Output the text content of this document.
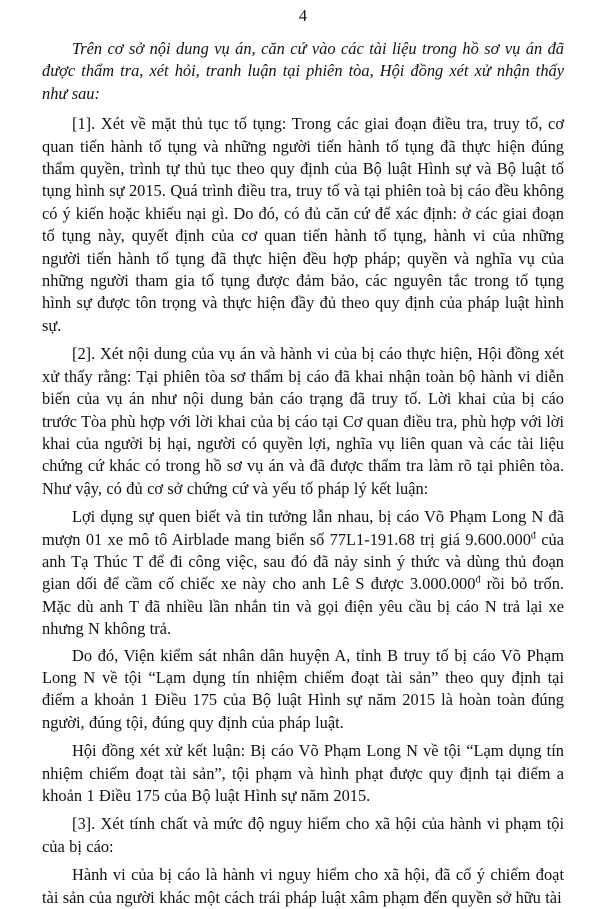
4

Trên cơ sở nội dung vụ án, căn cứ vào các tài liệu trong hồ sơ vụ án đã được thẩm tra, xét hỏi, tranh luận tại phiên tòa, Hội đồng xét xử nhận thấy như sau:

[1]. Xét về mặt thủ tục tố tụng: Trong các giai đoạn điều tra, truy tố, cơ quan tiến hành tố tụng và những người tiến hành tố tụng đã thực hiện đúng thẩm quyền, trình tự thủ tục theo quy định của Bộ luật Hình sự và Bộ luật tố tụng hình sự 2015. Quá trình điều tra, truy tố và tại phiên toà bị cáo đều không có ý kiến hoặc khiếu nại gì. Do đó, có đủ căn cứ để xác định: ở các giai đoạn tố tụng này, quyết định của cơ quan tiến hành tố tụng, hành vi của những người tiến hành tố tụng đã thực hiện đều hợp pháp; quyền và nghĩa vụ của những người tham gia tố tụng được đảm bảo, các nguyên tắc trong tố tụng hình sự được tôn trọng và thực hiện đầy đủ theo quy định của pháp luật hình sự.

[2]. Xét nội dung của vụ án và hành vi của bị cáo thực hiện, Hội đồng xét xử thấy rằng: Tại phiên tòa sơ thẩm bị cáo đã khai nhận toàn bộ hành vi diễn biến của vụ án như nội dung bản cáo trạng đã truy tố. Lời khai của bị cáo trước Tòa phù hợp với lời khai của bị cáo tại Cơ quan điều tra, phù hợp với lời khai của người bị hại, người có quyền lợi, nghĩa vụ liên quan và các tài liệu chứng cứ khác có trong hồ sơ vụ án và đã được thẩm tra làm rõ tại phiên tòa. Như vậy, có đủ cơ sở chứng cứ và yếu tố pháp lý kết luận:

Lợi dụng sự quen biết và tin tưởng lẫn nhau, bị cáo Võ Phạm Long N đã mượn 01 xe mô tô Airblade mang biển số 77L1-191.68 trị giá $9.600.000^đ$ của anh Tạ Thúc T để đi công việc, sau đó đã nảy sinh ý thức và dùng thủ đoạn gian dối để cầm cố chiếc xe này cho anh Lê S được $3.000.000^đ$ rồi bỏ trốn. Mặc dù anh T đã nhiều lần nhắn tin và gọi điện yêu cầu bị cáo N trả lại xe nhưng N không trả.

Do đó, Viện kiểm sát nhân dân huyện A, tỉnh B truy tố bị cáo Võ Phạm Long N về tội “Lạm dụng tín nhiệm chiếm đoạt tài sản” theo quy định tại điểm a khoản 1 Điều 175 của Bộ luật Hình sự năm 2015 là hoàn toàn đúng người, đúng tội, đúng quy định của pháp luật.

Hội đồng xét xử kết luận: Bị cáo Võ Phạm Long N về tội “Lạm dụng tín nhiệm chiếm đoạt tài sản”, tội phạm và hình phạt được quy định tại điểm a khoản 1 Điều 175 của Bộ luật Hình sự năm 2015.

[3]. Xét tính chất và mức độ nguy hiểm cho xã hội của hành vi phạm tội của bị cáo:

Hành vi của bị cáo là hành vi nguy hiểm cho xã hội, đã cố ý chiếm đoạt tài sản của người khác một cách trái pháp luật xâm phạm đến quyền sở hữu tài
